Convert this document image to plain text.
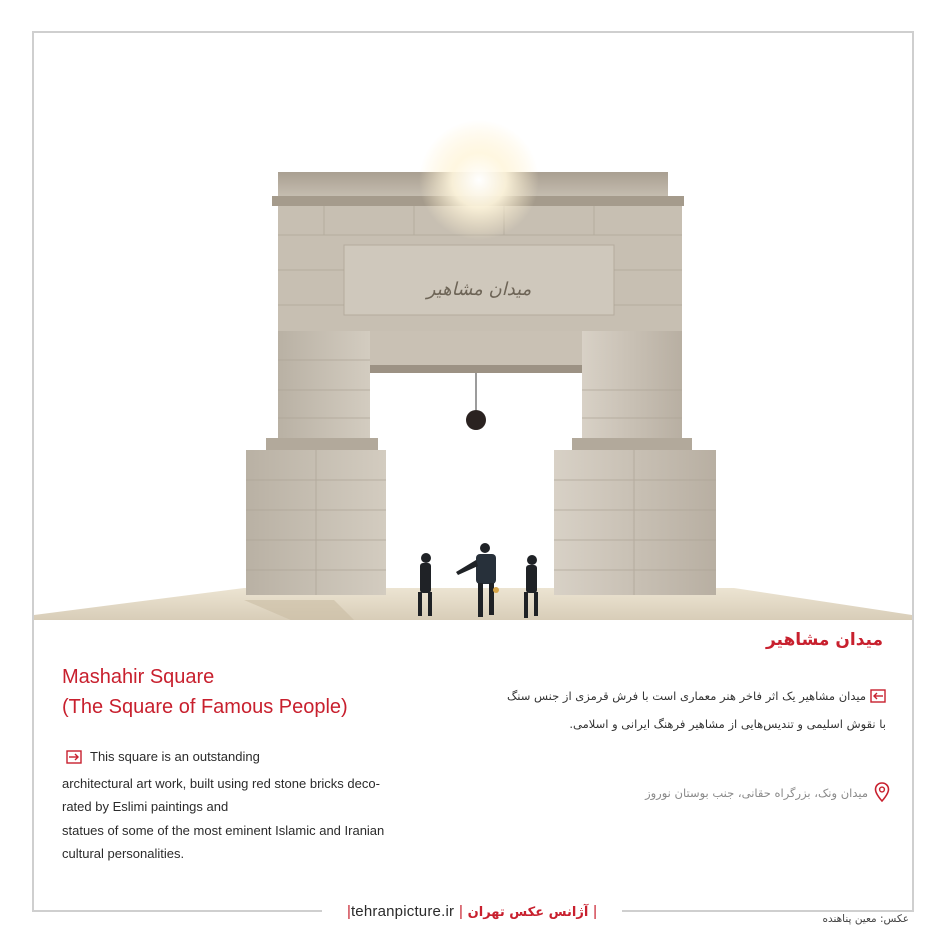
میدان مشاهیر
میدان مشاهیر
میدان مشاهیر یک اثر فاخر هنر معماری است با فرش قرمزی از جنس سنگ با نقوش اسلیمی و تندیس‌هایی از مشاهیر فرهنگ ایرانی و اسلامی.
میدان ونک، بزرگراه حقانی، جنب بوستان نوروز
Mashahir Square
(The Square of Famous People)
This square is an outstanding
architectural art work, built using red stone bricks deco-
rated by Eslimi paintings and
statues of some of the most eminent Islamic and Iranian
cultural personalities.
|tehranpicture.ir | آژانس عکس تهران |	عکس: معین پناهنده
